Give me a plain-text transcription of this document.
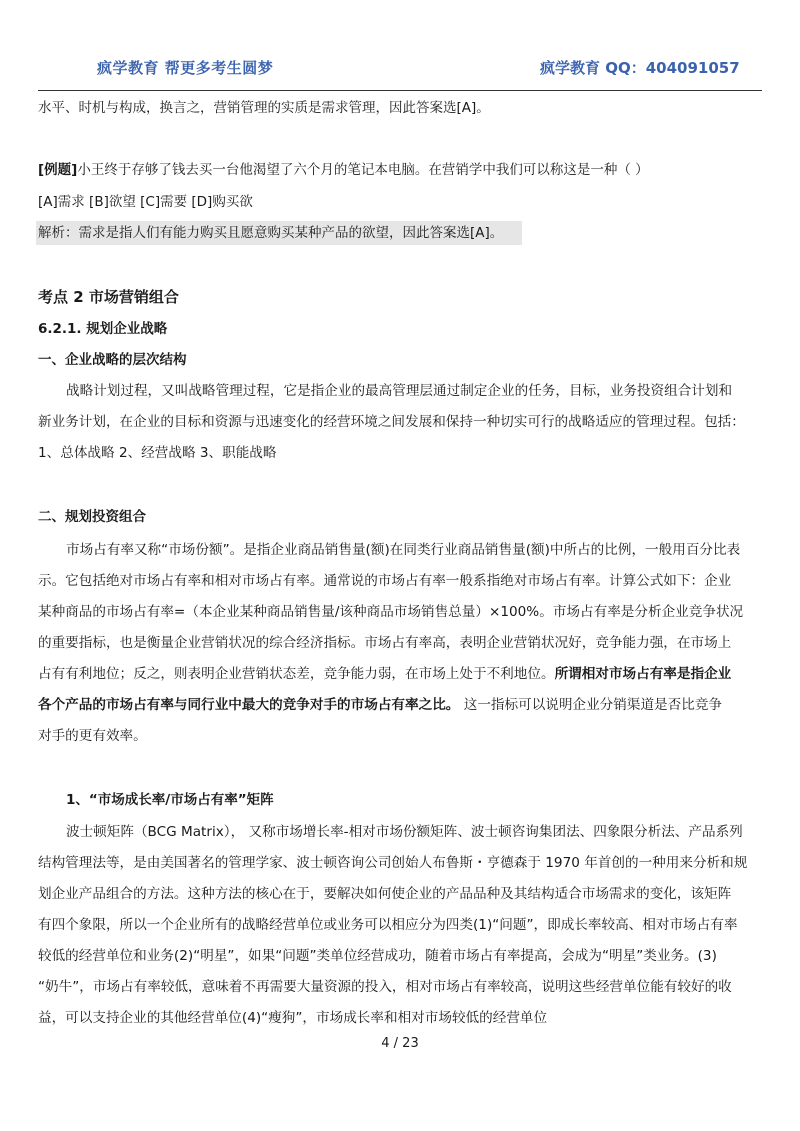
疯学教育 帮更多考生圆梦	疯学教育 QQ：404091057
水平、时机与构成，换言之，营销管理的实质是需求管理，因此答案选[A]。
[例题]小王终于存够了钱去买一台他渴望了六个月的笔记本电脑。在营销学中我们可以称这是一种（ ）
[A]需求 [B]欲望 [C]需要 [D]购买欲
解析：需求是指人们有能力购买且愿意购买某种产品的欲望，因此答案选[A]。
考点 2 市场营销组合
6.2.1. 规划企业战略
一、企业战略的层次结构
战略计划过程，又叫战略管理过程，它是指企业的最高管理层通过制定企业的任务，目标，业务投资组合计划和
新业务计划，在企业的目标和资源与迅速变化的经营环境之间发展和保持一种切实可行的战略适应的管理过程。包括：
1、总体战略 2、经营战略 3、职能战略
二、规划投资组合
市场占有率又称“市场份额”。是指企业商品销售量(额)在同类行业商品销售量(额)中所占的比例，一般用百分比表
示。它包括绝对市场占有率和相对市场占有率。通常说的市场占有率一般系指绝对市场占有率。计算公式如下：企业
某种商品的市场占有率=（本企业某种商品销售量/该种商品市场销售总量）×100%。市场占有率是分析企业竞争状况
的重要指标，也是衡量企业营销状况的综合经济指标。市场占有率高，表明企业营销状况好，竞争能力强，在市场上
占有有利地位；反之，则表明企业营销状态差，竞争能力弱，在市场上处于不利地位。所谓相对市场占有率是指企业
各个产品的市场占有率与同行业中最大的竞争对手的市场占有率之比。 这一指标可以说明企业分销渠道是否比竞争
对手的更有效率。
1、“市场成长率/市场占有率”矩阵
波士顿矩阵（BCG Matrix）， 又称市场增长率-相对市场份额矩阵、波士顿咨询集团法、四象限分析法、产品系列
结构管理法等，是由美国著名的管理学家、波士顿咨询公司创始人布鲁斯・亨德森于 1970 年首创的一种用来分析和规
划企业产品组合的方法。这种方法的核心在于，要解决如何使企业的产品品种及其结构适合市场需求的变化，该矩阵
有四个象限，所以一个企业所有的战略经营单位或业务可以相应分为四类(1)“问题”，即成长率较高、相对市场占有率
较低的经营单位和业务(2)“明星”，如果“问题”类单位经营成功，随着市场占有率提高，会成为“明星”类业务。(3)
“奶牛”，市场占有率较低，意味着不再需要大量资源的投入，相对市场占有率较高，说明这些经营单位能有较好的收
益，可以支持企业的其他经营单位(4)“瘦狗”，市场成长率和相对市场较低的经营单位
4 / 23
